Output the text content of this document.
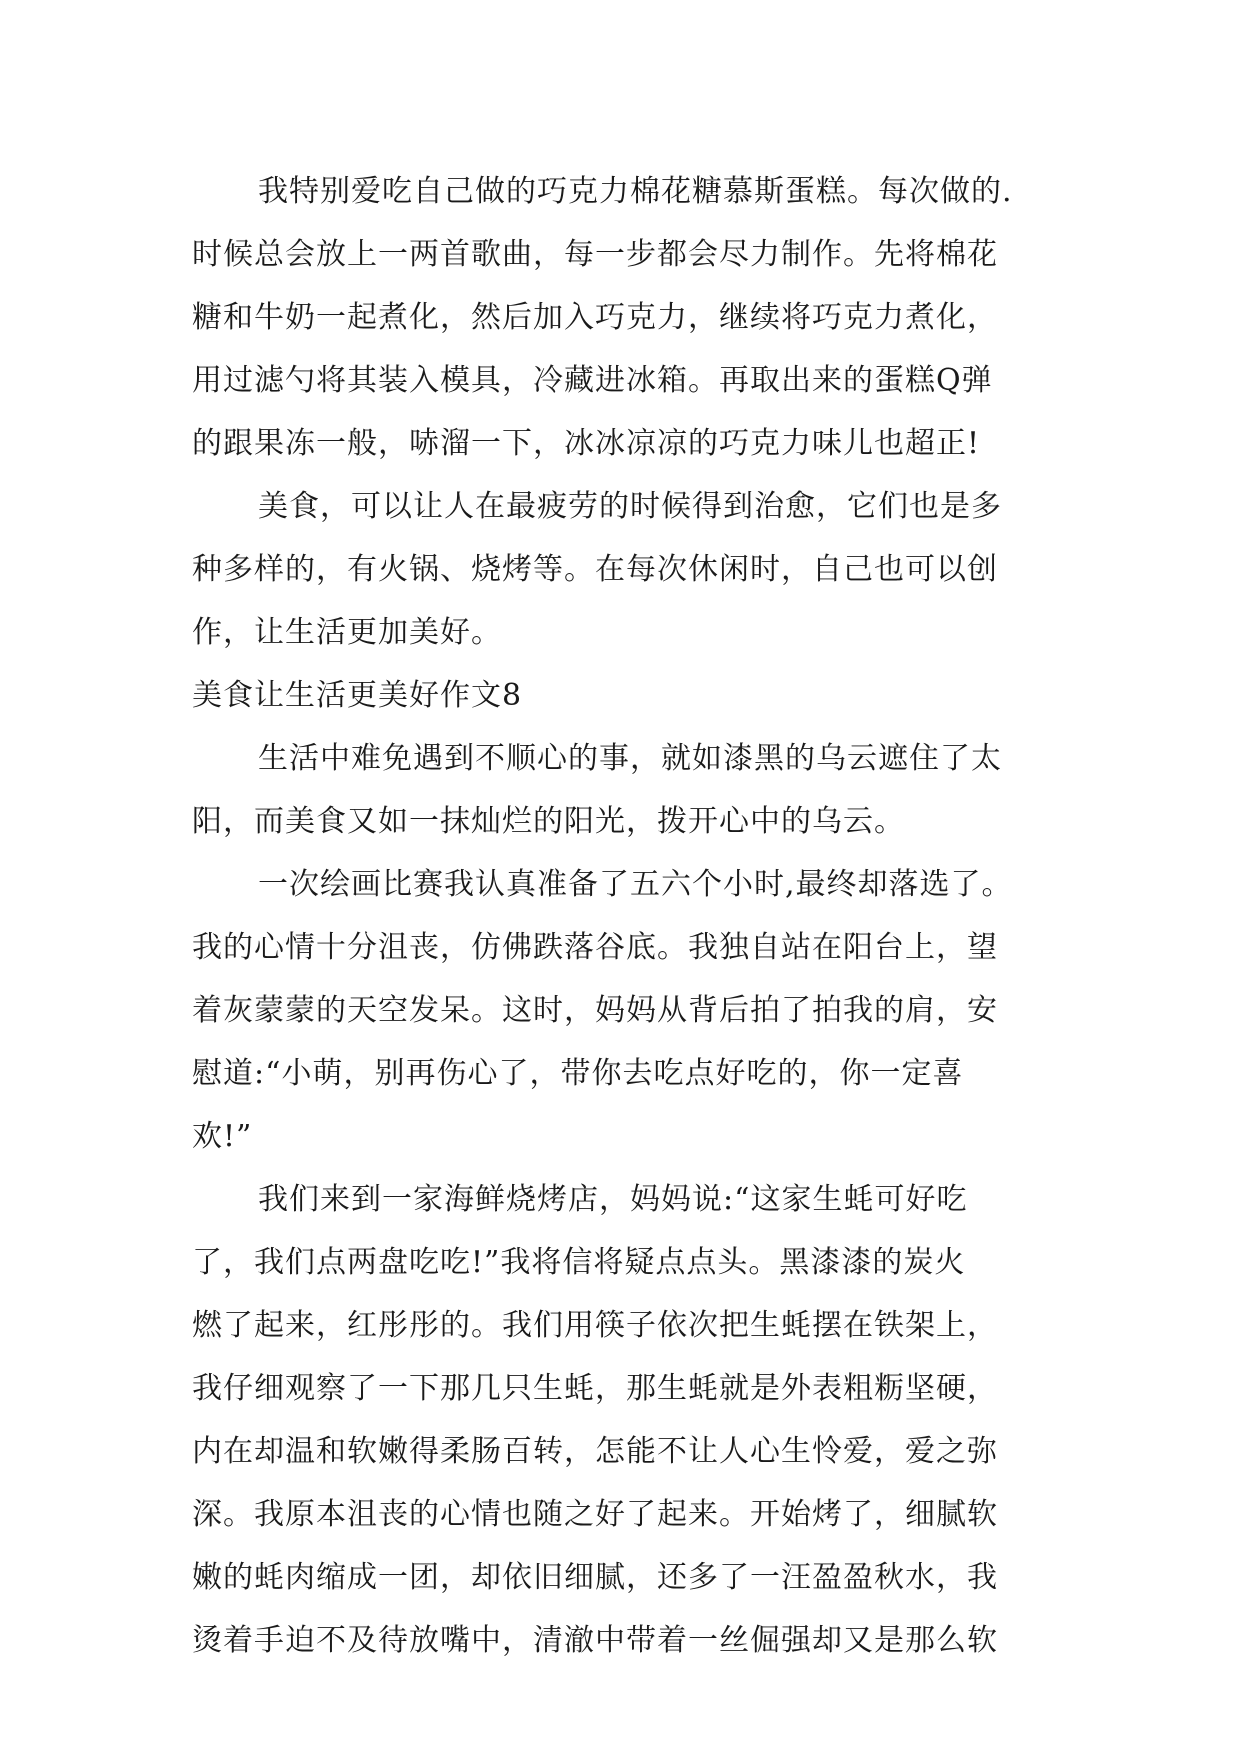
我特别爱吃自己做的巧克力棉花糖慕斯蛋糕。每次做的.
时候总会放上一两首歌曲，每一步都会尽力制作。先将棉花
糖和牛奶一起煮化，然后加入巧克力，继续将巧克力煮化，
用过滤勺将其装入模具，冷藏进冰箱。再取出来的蛋糕Q弹
的跟果冻一般，哧溜一下，冰冰凉凉的巧克力味儿也超正!
美食，可以让人在最疲劳的时候得到治愈，它们也是多
种多样的，有火锅、烧烤等。在每次休闲时，自己也可以创
作，让生活更加美好。
美食让生活更美好作文8
生活中难免遇到不顺心的事，就如漆黑的乌云遮住了太
阳，而美食又如一抹灿烂的阳光，拨开心中的乌云。
一次绘画比赛我认真准备了五六个小时,最终却落选了。
我的心情十分沮丧，仿佛跌落谷底。我独自站在阳台上，望
着灰蒙蒙的天空发呆。这时，妈妈从背后拍了拍我的肩，安
慰道:“小萌，别再伤心了，带你去吃点好吃的，你一定喜
欢!”
我们来到一家海鲜烧烤店，妈妈说:“这家生蚝可好吃
了，我们点两盘吃吃!”我将信将疑点点头。黑漆漆的炭火
燃了起来，红彤彤的。我们用筷子依次把生蚝摆在铁架上，
我仔细观察了一下那几只生蚝，那生蚝就是外表粗粝坚硬，
内在却温和软嫩得柔肠百转，怎能不让人心生怜爱，爱之弥
深。我原本沮丧的心情也随之好了起来。开始烤了，细腻软
嫩的蚝肉缩成一团，却依旧细腻，还多了一汪盈盈秋水，我
烫着手迫不及待放嘴中，清澈中带着一丝倔强却又是那么软
